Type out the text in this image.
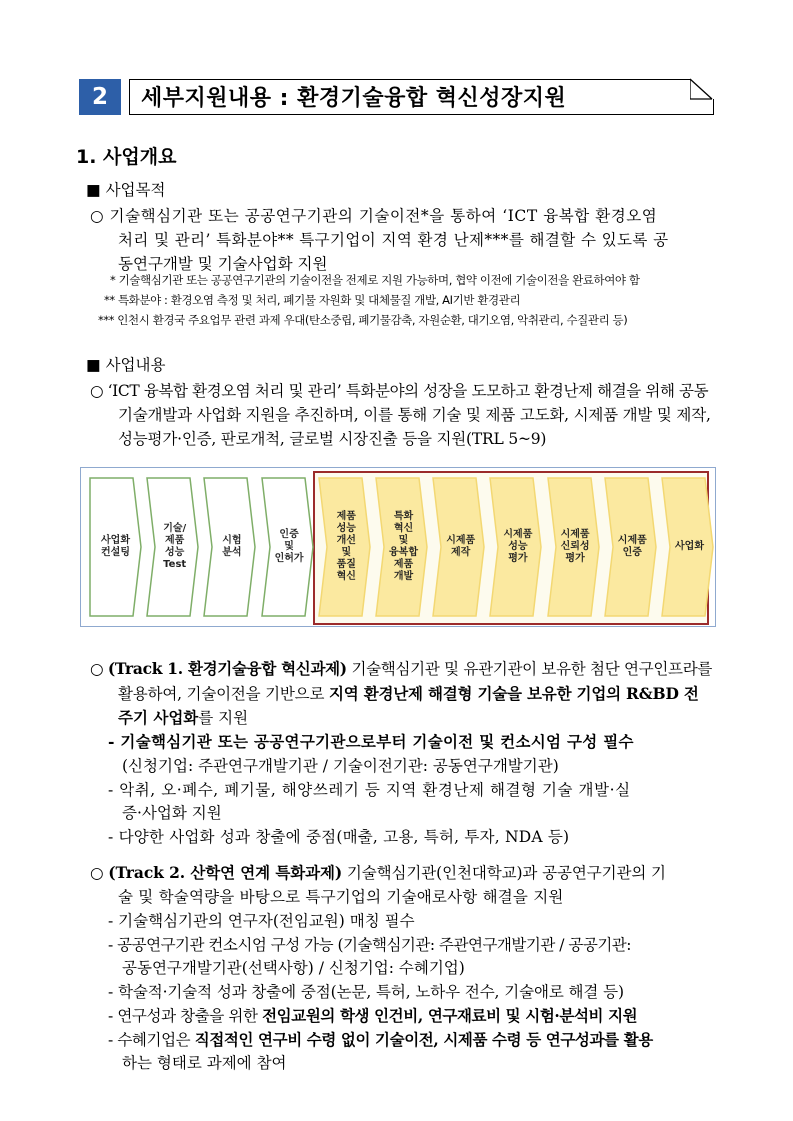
2	세부지원내용 : 환경기술융합 혁신성장지원
1. 사업개요
■ 사업목적
○ 기술핵심기관 또는 공공연구기관의 기술이전*을 통하여 ‘ICT 융복합 환경오염
처리 및 관리’ 특화분야** 특구기업이 지역 환경 난제***를 해결할 수 있도록 공
동연구개발 및 기술사업화 지원
* 기술핵심기관 또는 공공연구기관의 기술이전을 전제로 지원 가능하며, 협약 이전에 기술이전을 완료하여야 함
** 특화분야 : 환경오염 측정 및 처리, 폐기물 자원화 및 대체물질 개발, AI기반 환경관리
*** 인천시 환경국 주요업무 관련 과제 우대(탄소중립, 폐기물감축, 자원순환, 대기오염, 악취관리, 수질관리 등)
■ 사업내용
○ ‘ICT 융복합 환경오염 처리 및 관리’ 특화분야의 성장을 도모하고 환경난제 해결을 위해 공동
기술개발과 사업화 지원을 추진하며, 이를 통해 기술 및 제품 고도화, 시제품 개발 및 제작,
성능평가·인증, 판로개척, 글로벌 시장진출 등을 지원(TRL 5~9)
사업화
컨설팅
기술/
제품
성능
Test
시험
분석
인증
및
인허가
제품
성능
개선
및
품질
혁신
특화
혁신
및
융복합
제품
개발
시제품
제작
시제품
성능
평가
시제품
신뢰성
평가
시제품
인증
사업화
○ (Track 1. 환경기술융합 혁신과제) 기술핵심기관 및 유관기관이 보유한 첨단 연구인프라를
활용하여, 기술이전을 기반으로 지역 환경난제 해결형 기술을 보유한 기업의 R&BD 전
주기 사업화를 지원
- 기술핵심기관 또는 공공연구기관으로부터 기술이전 및 컨소시엄 구성 필수
(신청기업: 주관연구개발기관 / 기술이전기관: 공동연구개발기관)
- 악취, 오·폐수, 폐기물, 해양쓰레기 등 지역 환경난제 해결형 기술 개발·실
증·사업화 지원
- 다양한 사업화 성과 창출에 중점(매출, 고용, 특허, 투자, NDA 등)
○ (Track 2. 산학연 연계 특화과제) 기술핵심기관(인천대학교)과 공공연구기관의 기
술 및 학술역량을 바탕으로 특구기업의 기술애로사항 해결을 지원
- 기술핵심기관의 연구자(전임교원) 매칭 필수
- 공공연구기관 컨소시엄 구성 가능 (기술핵심기관: 주관연구개발기관 / 공공기관:
공동연구개발기관(선택사항) / 신청기업: 수혜기업)
- 학술적·기술적 성과 창출에 중점(논문, 특허, 노하우 전수, 기술애로 해결 등)
- 연구성과 창출을 위한 전임교원의 학생 인건비, 연구재료비 및 시험·분석비 지원
- 수혜기업은 직접적인 연구비 수령 없이 기술이전, 시제품 수령 등 연구성과를 활용
하는 형태로 과제에 참여
